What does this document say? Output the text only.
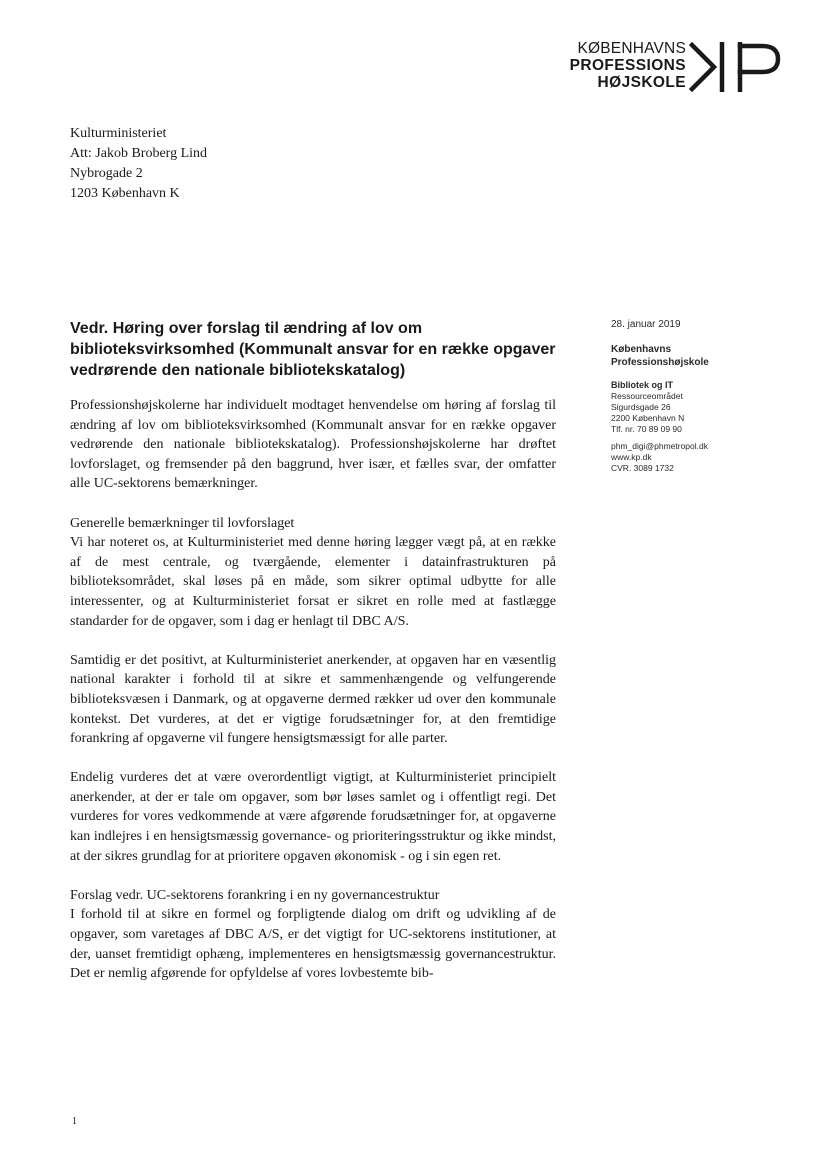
KØBENHAVNS
PROFESSIONS
HØJSKOLE
Kulturministeriet
Att: Jakob Broberg Lind
Nybrogade 2
1203 København K
Vedr. Høring over forslag til ændring af lov om biblioteksvirksomhed (Kommunalt ansvar for en række opgaver vedrørende den nationale bibliotekskatalog)
28. januar 2019
Københavns
Professionshøjskole
Bibliotek og IT
Ressourceområdet
Sigurdsgade 26
2200 København N
Tlf. nr. 70 89 09 90
phm_digi@phmetropol.dk
www.kp.dk
CVR. 3089 1732

Professionshøjskolerne har individuelt modtaget henvendelse om høring af forslag til ændring af lov om biblioteksvirksomhed (Kommunalt ansvar for en række opgaver vedrørende den nationale bibliotekskatalog). Professionshøjskolerne har drøftet lovforslaget, og fremsender på den baggrund, hver især, et fælles svar, der omfatter alle UC-sektorens bemærkninger.

Generelle bemærkninger til lovforslaget

Vi har noteret os, at Kulturministeriet med denne høring lægger vægt på, at en række af de mest centrale, og tværgående, elementer i datainfrastrukturen på biblioteksområdet, skal løses på en måde, som sikrer optimal udbytte for alle interessenter, og at Kulturministeriet forsat er sikret en rolle med at fastlægge standarder for de opgaver, som i dag er henlagt til DBC A/S.

Samtidig er det positivt, at Kulturministeriet anerkender, at opgaven har en væsentlig national karakter i forhold til at sikre et sammenhængende og velfungerende biblioteksvæsen i Danmark, og at opgaverne dermed rækker ud over den kommunale kontekst. Det vurderes, at det er vigtige forudsætninger for, at den fremtidige forankring af opgaverne vil fungere hensigtsmæssigt for alle parter.

Endelig vurderes det at være overordentligt vigtigt, at Kulturministeriet principielt anerkender, at der er tale om opgaver, som bør løses samlet og i offentligt regi. Det vurderes for vores vedkommende at være afgørende forudsætninger for, at opgaverne kan indlejres i en hensigtsmæssig governance- og prioriteringsstruktur og ikke mindst, at der sikres grundlag for at prioritere opgaven økonomisk - og i sin egen ret.

Forslag vedr. UC-sektorens forankring i en ny governancestruktur

I forhold til at sikre en formel og forpligtende dialog om drift og udvikling af de opgaver, som varetages af DBC A/S, er det vigtigt for UC-sektorens institutioner, at der, uanset fremtidigt ophæng, implementeres en hensigtsmæssig governancestruktur. Det er nemlig afgørende for opfyldelse af vores lovbestemte bib-

1
